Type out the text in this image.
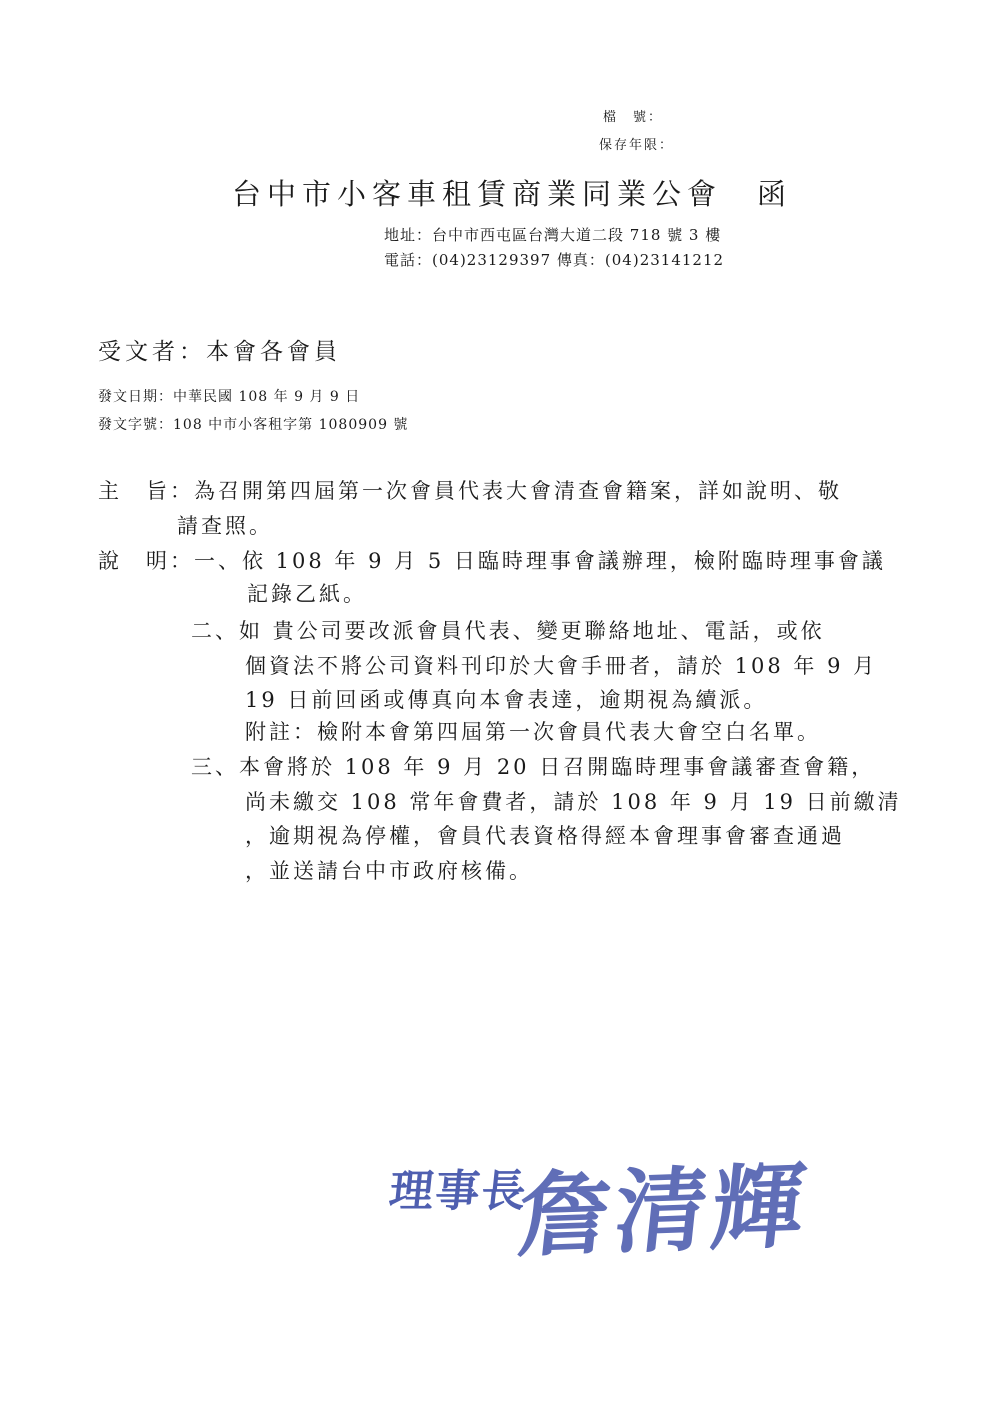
檔　號：
保存年限：
台中市小客車租賃商業同業公會　函
地址：台中市西屯區台灣大道二段 718 號 3 樓
電話：(04)23129397 傳真：(04)23141212
受文者：本會各會員
發文日期：中華民國 108 年 9 月 9 日
發文字號：108 中市小客租字第 1080909 號
主　旨：為召開第四屆第一次會員代表大會清查會籍案，詳如說明、敬
請查照。
說　明：一、依 108 年 9 月 5 日臨時理事會議辦理，檢附臨時理事會議
記錄乙紙。
二、如 貴公司要改派會員代表、變更聯絡地址、電話，或依
個資法不將公司資料刊印於大會手冊者，請於 108 年 9 月
19 日前回函或傳真向本會表達，逾期視為續派。
附註：檢附本會第四屆第一次會員代表大會空白名單。
三、本會將於 108 年 9 月 20 日召開臨時理事會議審查會籍，
尚未繳交 108 常年會費者，請於 108 年 9 月 19 日前繳清
，逾期視為停權，會員代表資格得經本會理事會審查通過
，並送請台中市政府核備。
理事長
詹清輝
